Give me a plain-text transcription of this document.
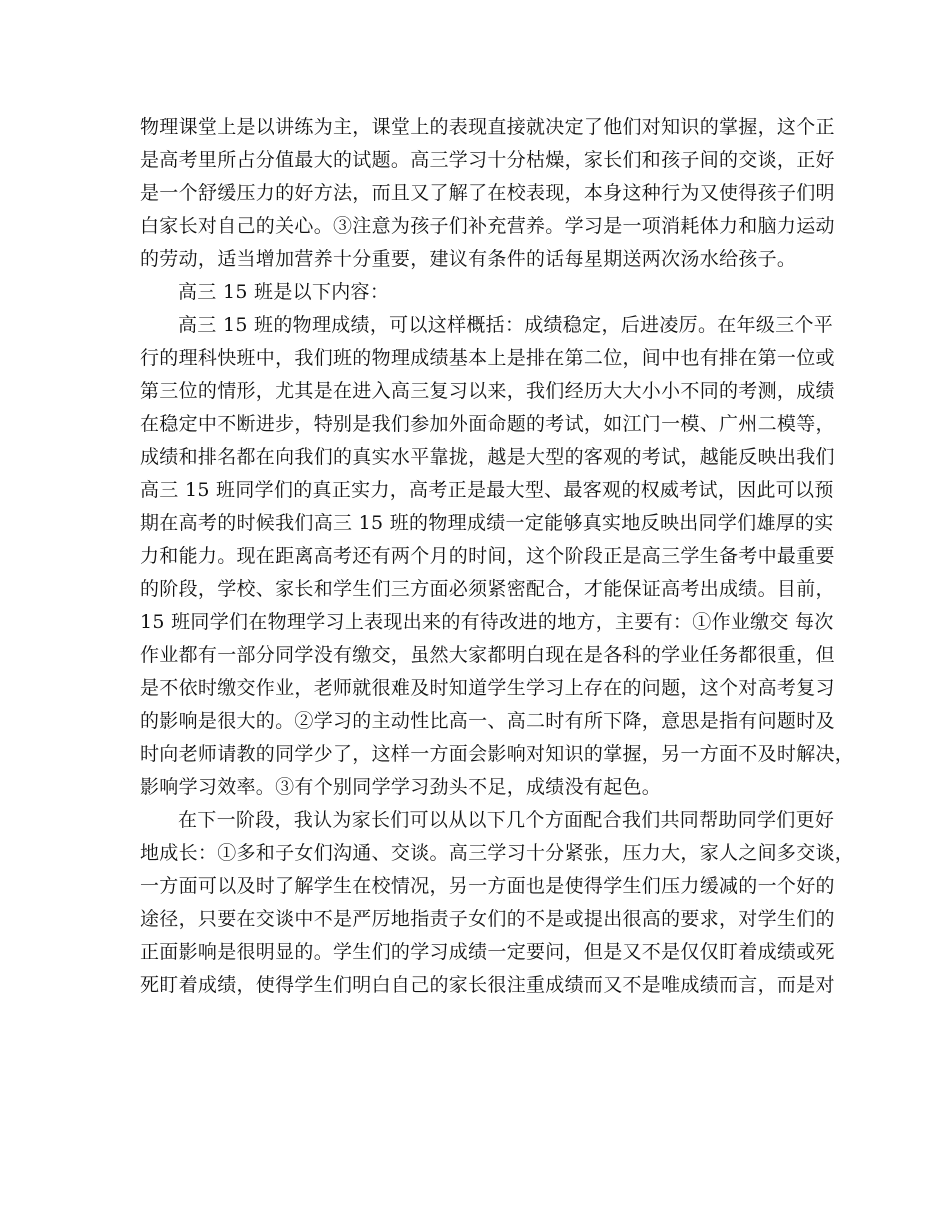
物理课堂上是以讲练为主，课堂上的表现直接就决定了他们对知识的掌握，这个正
是高考里所占分值最大的试题。高三学习十分枯燥，家长们和孩子间的交谈，正好
是一个舒缓压力的好方法，而且又了解了在校表现，本身这种行为又使得孩子们明
白家长对自己的关心。③注意为孩子们补充营养。学习是一项消耗体力和脑力运动
的劳动，适当增加营养十分重要，建议有条件的话每星期送两次汤水给孩子。
高三 15 班是以下内容：
高三 15 班的物理成绩，可以这样概括：成绩稳定，后进凌厉。在年级三个平
行的理科快班中，我们班的物理成绩基本上是排在第二位，间中也有排在第一位或
第三位的情形，尤其是在进入高三复习以来，我们经历大大小小不同的考测，成绩
在稳定中不断进步，特别是我们参加外面命题的考试，如江门一模、广州二模等，
成绩和排名都在向我们的真实水平靠拢，越是大型的客观的考试，越能反映出我们
高三 15 班同学们的真正实力，高考正是最大型、最客观的权威考试，因此可以预
期在高考的时候我们高三 15 班的物理成绩一定能够真实地反映出同学们雄厚的实
力和能力。现在距离高考还有两个月的时间，这个阶段正是高三学生备考中最重要
的阶段，学校、家长和学生们三方面必须紧密配合，才能保证高考出成绩。目前，
15 班同学们在物理学习上表现出来的有待改进的地方，主要有：①作业缴交 每次
作业都有一部分同学没有缴交，虽然大家都明白现在是各科的学业任务都很重，但
是不依时缴交作业，老师就很难及时知道学生学习上存在的问题，这个对高考复习
的影响是很大的。②学习的主动性比高一、高二时有所下降，意思是指有问题时及
时向老师请教的同学少了，这样一方面会影响对知识的掌握，另一方面不及时解决，
影响学习效率。③有个别同学学习劲头不足，成绩没有起色。
在下一阶段，我认为家长们可以从以下几个方面配合我们共同帮助同学们更好
地成长：①多和子女们沟通、交谈。高三学习十分紧张，压力大，家人之间多交谈，
一方面可以及时了解学生在校情况，另一方面也是使得学生们压力缓减的一个好的
途径，只要在交谈中不是严厉地指责子女们的不是或提出很高的要求，对学生们的
正面影响是很明显的。学生们的学习成绩一定要问，但是又不是仅仅盯着成绩或死
死盯着成绩，使得学生们明白自己的家长很注重成绩而又不是唯成绩而言，而是对
